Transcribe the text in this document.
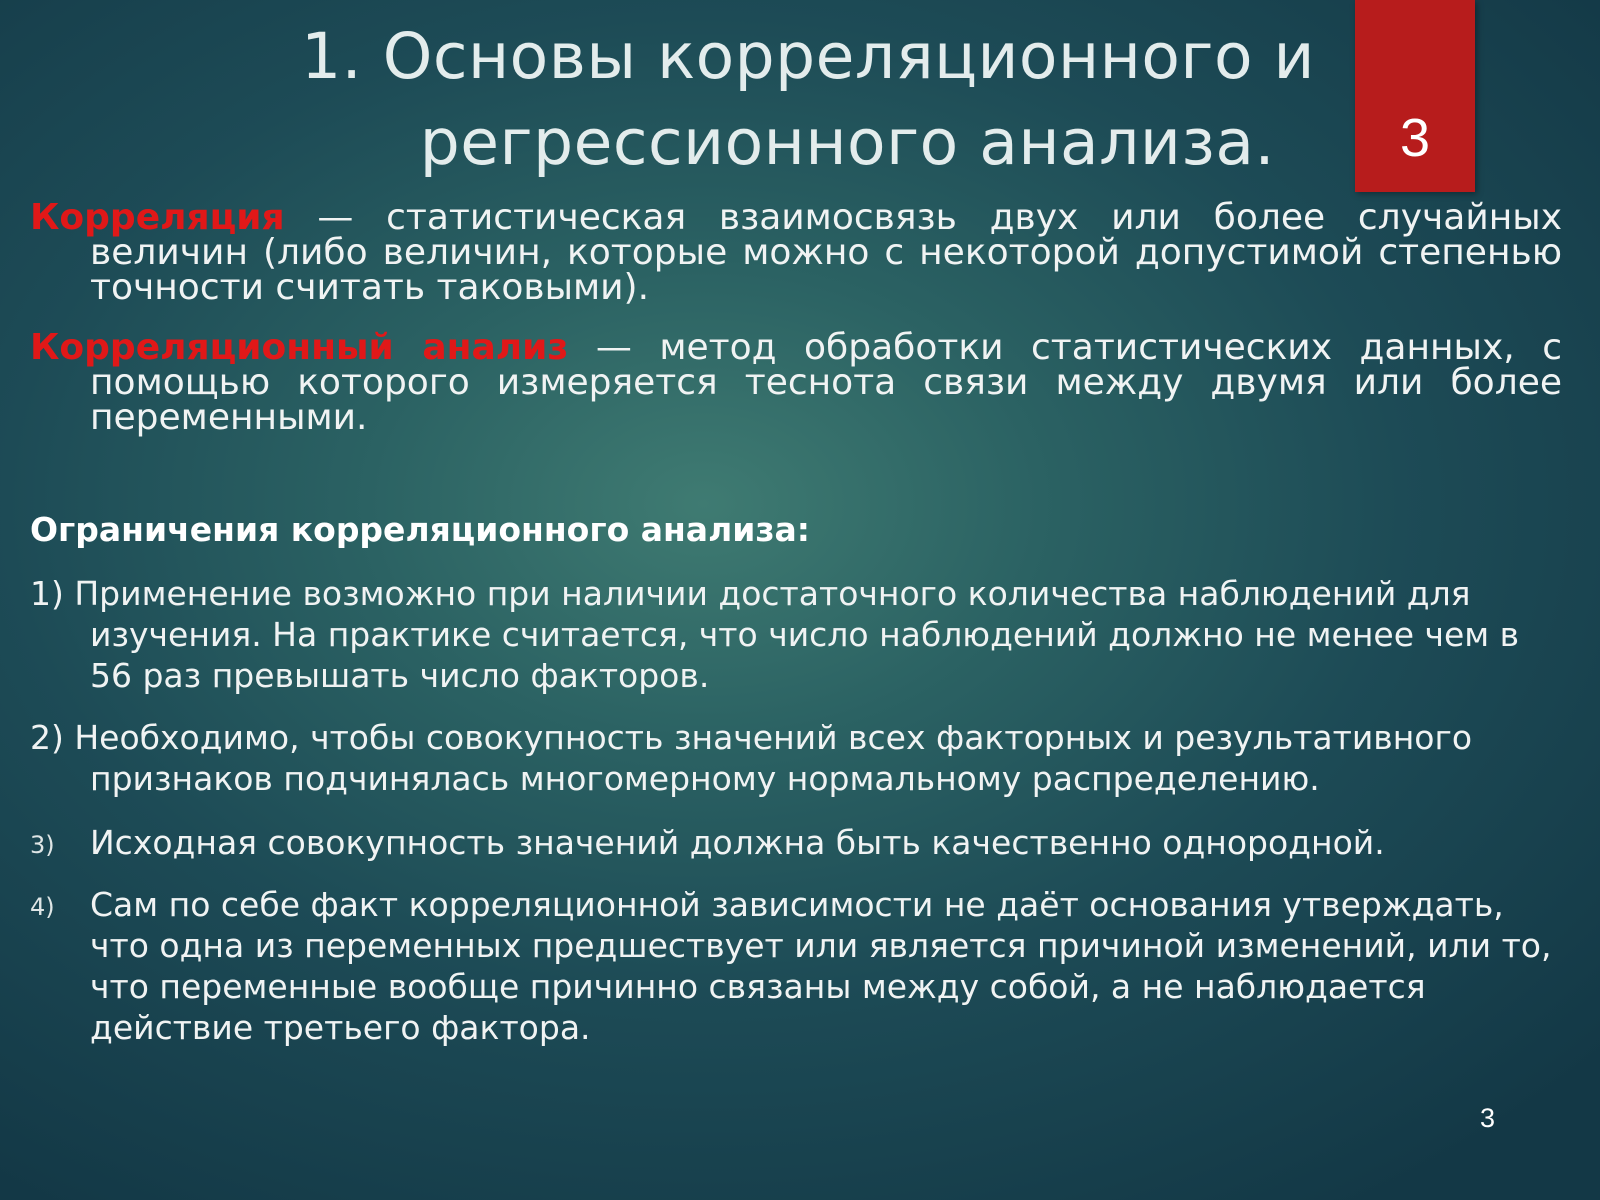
1. Основы корреляционного и
регрессионного анализа.	3
Корреляция — статистическая взаимосвязь двух или более случайных величин (либо величин, которые можно с некоторой допустимой степенью точности считать таковыми).
Корреляционный анализ — метод обработки статистических данных, с помощью которого измеряется теснота связи между двумя или более переменными.
Ограничения корреляционного анализа:
1) Применение возможно при наличии достаточного количества наблюдений для изучения. На практике считается, что число наблюдений должно не менее чем в 56 раз превышать число факторов.
2) Необходимо, чтобы совокупность значений всех факторных и результативного признаков подчинялась многомерному нормальному распределению.
3) Исходная совокупность значений должна быть качественно однородной.
4) Сам по себе факт корреляционной зависимости не даёт основания утверждать, что одна из переменных предшествует или является причиной изменений, или то, что переменные вообще причинно связаны между собой, а не наблюдается действие третьего фактора.
3
